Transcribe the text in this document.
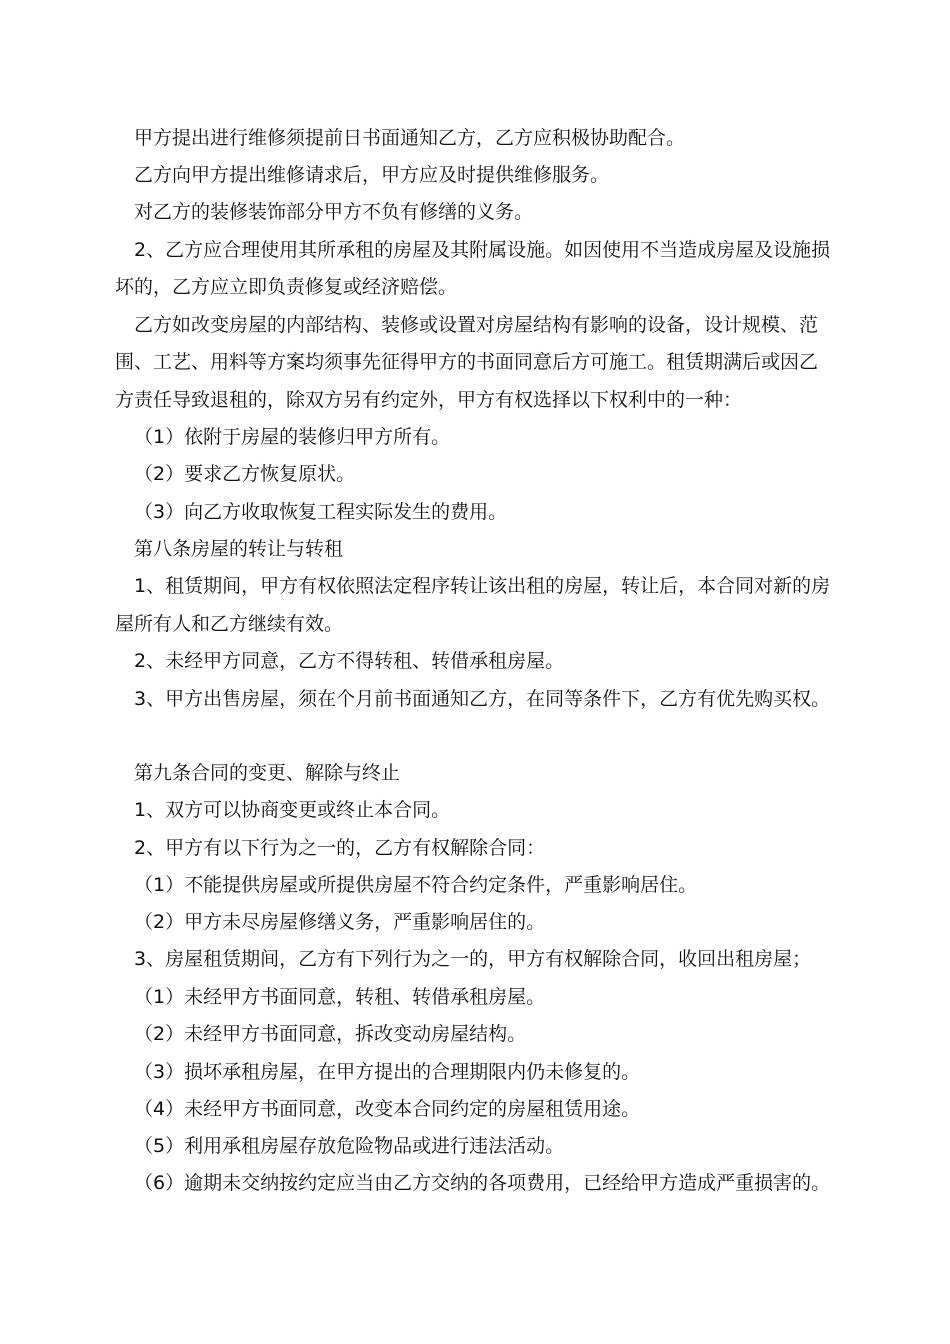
甲方提出进行维修须提前日书面通知乙方，乙方应积极协助配合。

乙方向甲方提出维修请求后，甲方应及时提供维修服务。

对乙方的装修装饰部分甲方不负有修缮的义务。

2、乙方应合理使用其所承租的房屋及其附属设施。如因使用不当造成房屋及设施损

坏的，乙方应立即负责修复或经济赔偿。

乙方如改变房屋的内部结构、装修或设置对房屋结构有影响的设备，设计规模、范

围、工艺、用料等方案均须事先征得甲方的书面同意后方可施工。租赁期满后或因乙

方责任导致退租的，除双方另有约定外，甲方有权选择以下权利中的一种：

（1）依附于房屋的装修归甲方所有。

（2）要求乙方恢复原状。

（3）向乙方收取恢复工程实际发生的费用。

第八条房屋的转让与转租

1、租赁期间，甲方有权依照法定程序转让该出租的房屋，转让后，本合同对新的房

屋所有人和乙方继续有效。

2、未经甲方同意，乙方不得转租、转借承租房屋。

3、甲方出售房屋，须在个月前书面通知乙方，在同等条件下，乙方有优先购买权。

第九条合同的变更、解除与终止

1、双方可以协商变更或终止本合同。

2、甲方有以下行为之一的，乙方有权解除合同：

（1）不能提供房屋或所提供房屋不符合约定条件，严重影响居住。

（2）甲方未尽房屋修缮义务，严重影响居住的。

3、房屋租赁期间，乙方有下列行为之一的，甲方有权解除合同，收回出租房屋；

（1）未经甲方书面同意，转租、转借承租房屋。

（2）未经甲方书面同意，拆改变动房屋结构。

（3）损坏承租房屋，在甲方提出的合理期限内仍未修复的。

（4）未经甲方书面同意，改变本合同约定的房屋租赁用途。

（5）利用承租房屋存放危险物品或进行违法活动。

（6）逾期未交纳按约定应当由乙方交纳的各项费用，已经给甲方造成严重损害的。
